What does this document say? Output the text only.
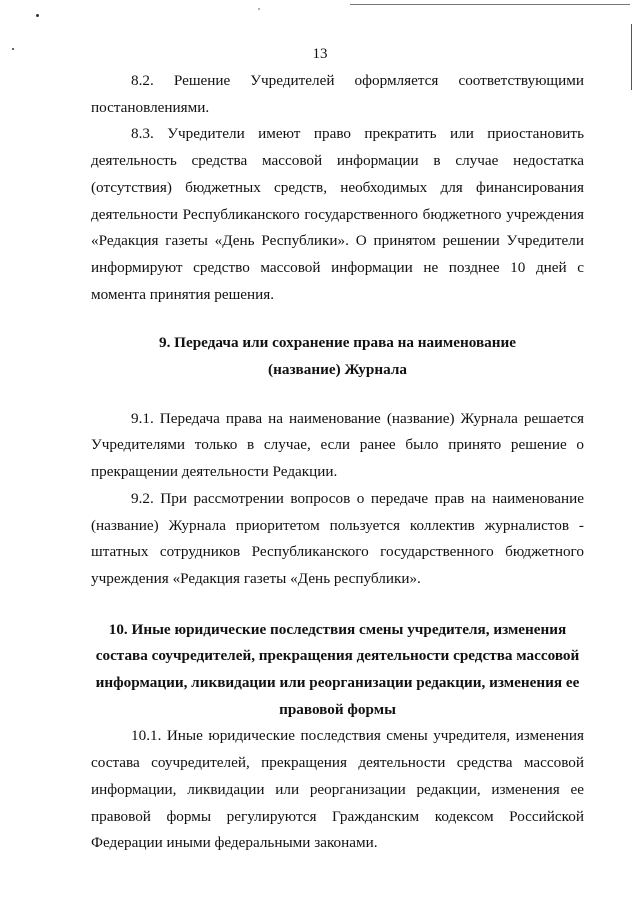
13

8.2. Решение Учредителей оформляется соответствующими постановлениями.

8.3. Учредители имеют право прекратить или приостановить деятельность средства массовой информации в случае недостатка (отсутствия) бюджетных средств, необходимых для финансирования деятельности Республиканского государственного бюджетного учреждения «Редакция газеты «День Республики». О принятом решении Учредители информируют средство массовой информации не позднее 10 дней с момента принятия решения.

9. Передача или сохранение права на наименование
(название) Журнала

9.1. Передача права на наименование (название) Журнала решается Учредителями только в случае, если ранее было принято решение о прекращении деятельности Редакции.

9.2. При рассмотрении вопросов о передаче прав на наименование (название) Журнала приоритетом пользуется коллектив журналистов - штатных сотрудников Республиканского государственного бюджетного учреждения «Редакция газеты «День республики».

10. Иные юридические последствия смены учредителя, изменения
состава соучредителей, прекращения деятельности средства массовой
информации, ликвидации или реорганизации редакции, изменения ее
правовой формы

10.1. Иные юридические последствия смены учредителя, изменения состава соучредителей, прекращения деятельности средства массовой информации, ликвидации или реорганизации редакции, изменения ее правовой формы регулируются Гражданским кодексом Российской Федерации иными федеральными законами.
